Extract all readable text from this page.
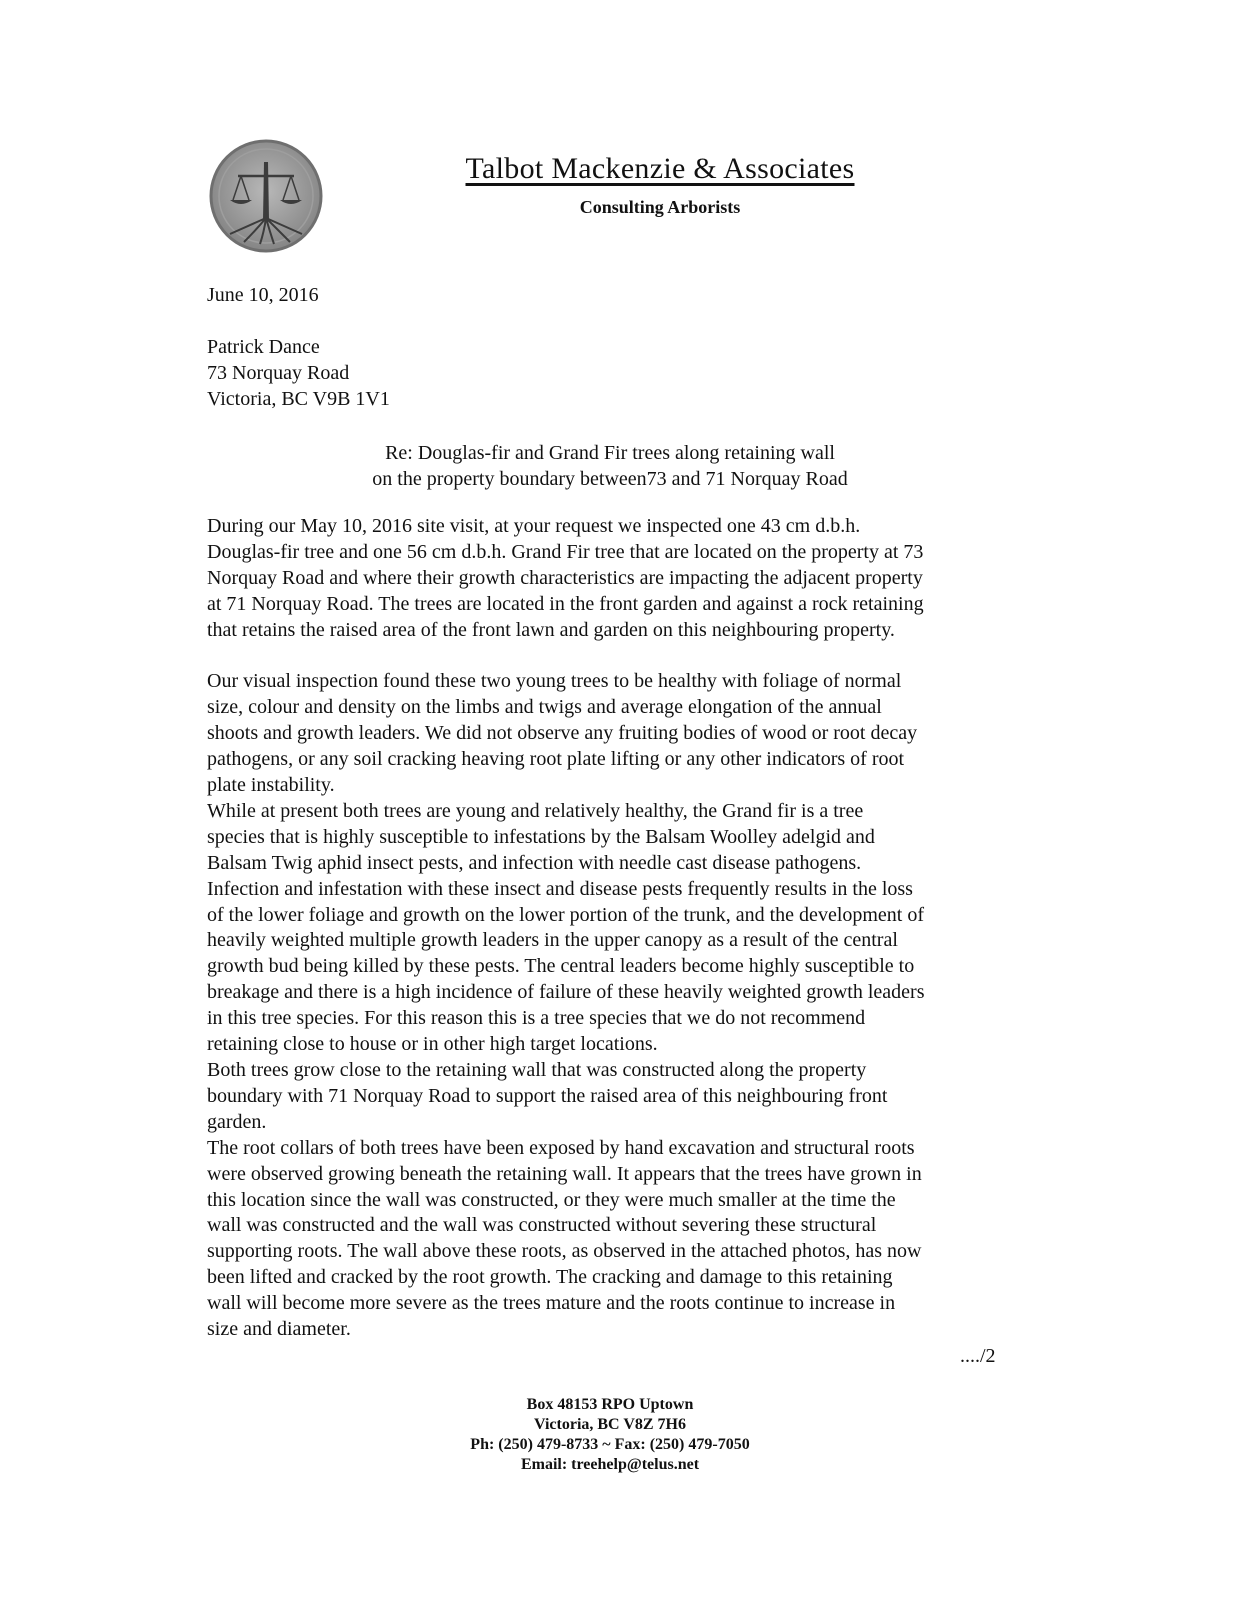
Talbot Mackenzie & Associates
Consulting Arborists
June 10, 2016
Patrick Dance
73 Norquay Road
Victoria, BC V9B 1V1
Re: Douglas-fir and Grand Fir trees along retaining wall
on the property boundary between73 and 71 Norquay Road
During our May 10, 2016 site visit, at your request we inspected one 43 cm d.b.h.
Douglas-fir tree and one 56 cm d.b.h. Grand Fir tree that are located on the property at 73
Norquay Road and where their growth characteristics are impacting the adjacent property
at 71 Norquay Road. The trees are located in the front garden and against a rock retaining
that retains the raised area of the front lawn and garden on this neighbouring property.
Our visual inspection found these two young trees to be healthy with foliage of normal
size, colour and density on the limbs and twigs and average elongation of the annual
shoots and growth leaders. We did not observe any fruiting bodies of wood or root decay
pathogens, or any soil cracking heaving root plate lifting or any other indicators of root
plate instability.
While at present both trees are young and relatively healthy, the Grand fir is a tree
species that is highly susceptible to infestations by the Balsam Woolley adelgid and
Balsam Twig aphid insect pests, and infection with needle cast disease pathogens.
Infection and infestation with these insect and disease pests frequently results in the loss
of the lower foliage and growth on the lower portion of the trunk, and the development of
heavily weighted multiple growth leaders in the upper canopy as a result of the central
growth bud being killed by these pests. The central leaders become highly susceptible to
breakage and there is a high incidence of failure of these heavily weighted growth leaders
in this tree species. For this reason this is a tree species that we do not recommend
retaining close to house or in other high target locations.
Both trees grow close to the retaining wall that was constructed along the property
boundary with 71 Norquay Road to support the raised area of this neighbouring front
garden.
The root collars of both trees have been exposed by hand excavation and structural roots
were observed growing beneath the retaining wall. It appears that the trees have grown in
this location since the wall was constructed, or they were much smaller at the time the
wall was constructed and the wall was constructed without severing these structural
supporting roots. The wall above these roots, as observed in the attached photos, has now
been lifted and cracked by the root growth. The cracking and damage to this retaining
wall will become more severe as the trees mature and the roots continue to increase in
size and diameter.
..../2
Box 48153 RPO Uptown
Victoria, BC V8Z 7H6
Ph: (250) 479-8733 ~ Fax: (250) 479-7050
Email: treehelp@telus.net
